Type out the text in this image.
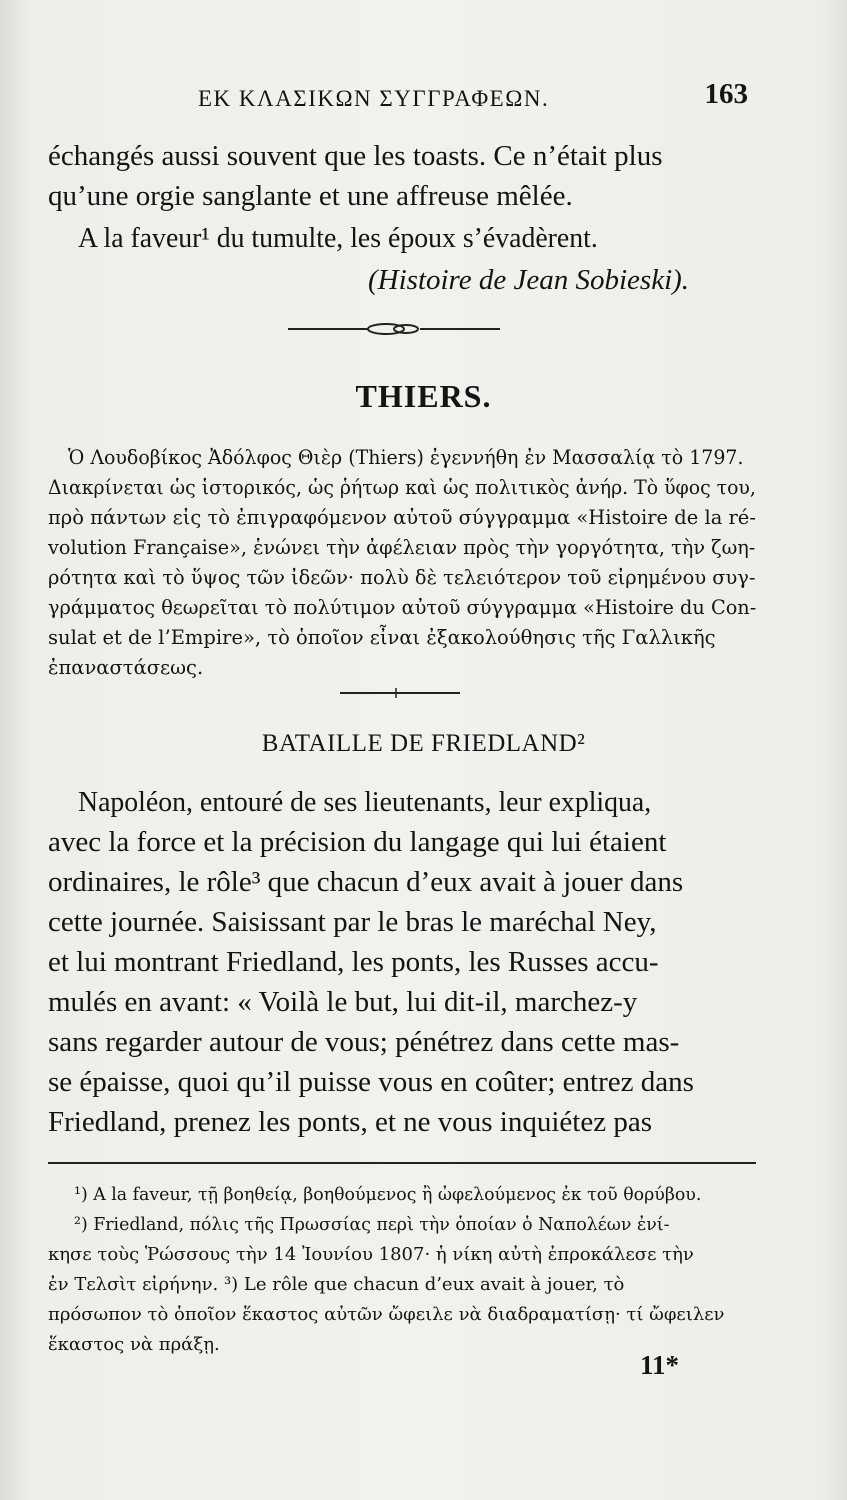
ΕΚ ΚΛΑΣΙΚΩΝ ΣΥΓΓΡΑΦΕΩΝ.	163
échangés aussi souvent que les toasts. Ce n’était plus
qu’une orgie sanglante et une affreuse mêlée.
A la faveur¹ du tumulte, les époux s’évadèrent.
(Histoire de Jean Sobieski).
THIERS.
Ὁ Λουδοβίκος Ἀδόλφος Θιὲρ (Thiers) ἐγεννήθη ἐν Μασσαλίᾳ τὸ 1797.
Διακρίνεται ὡς ἱστορικός, ὡς ῥήτωρ καὶ ὡς πολιτικὸς ἀνήρ. Τὸ ὕφος του,
πρὸ πάντων εἰς τὸ ἐπιγραφόμενον αὐτοῦ σύγγραμμα «Histoire de la ré-
volution Française», ἑνώνει τὴν ἀφέλειαν πρὸς τὴν γοργότητα, τὴν ζωη-
ρότητα καὶ τὸ ὕψος τῶν ἰδεῶν· πολὺ δὲ τελειότερον τοῦ εἰρημένου συγ-
γράμματος θεωρεῖται τὸ πολύτιμον αὐτοῦ σύγγραμμα «Histoire du Con-
sulat et de l’Empire», τὸ ὁποῖον εἶναι ἐξακολούθησις τῆς Γαλλικῆς
ἐπαναστάσεως.
BATAILLE DE FRIEDLAND²
Napoléon, entouré de ses lieutenants, leur expliqua,
avec la force et la précision du langage qui lui étaient
ordinaires, le rôle³ que chacun d’eux avait à jouer dans
cette journée. Saisissant par le bras le maréchal Ney,
et lui montrant Friedland, les ponts, les Russes accu-
mulés en avant: « Voilà le but, lui dit-il, marchez-y
sans regarder autour de vous; pénétrez dans cette mas-
se épaisse, quoi qu’il puisse vous en coûter; entrez dans
Friedland, prenez les ponts, et ne vous inquiétez pas
¹) A la faveur, τῇ βοηθείᾳ, βοηθούμενος ἢ ὠφελούμενος ἐκ τοῦ θορύβου.
²) Friedland, πόλις τῆς Πρωσσίας περὶ τὴν ὁποίαν ὁ Ναπολέων ἐνί-
κησε τοὺς Ῥώσσους τὴν 14 Ἰουνίου 1807· ἡ νίκη αὐτὴ ἐπροκάλεσε τὴν
ἐν Τελσὶτ εἰρήνην. ³) Le rôle que chacun d’eux avait à jouer, τὸ
πρόσωπον τὸ ὁποῖον ἕκαστος αὐτῶν ὤφειλε νὰ διαδραματίσῃ· τί ὤφειλεν
ἕκαστος νὰ πράξῃ.
11*
